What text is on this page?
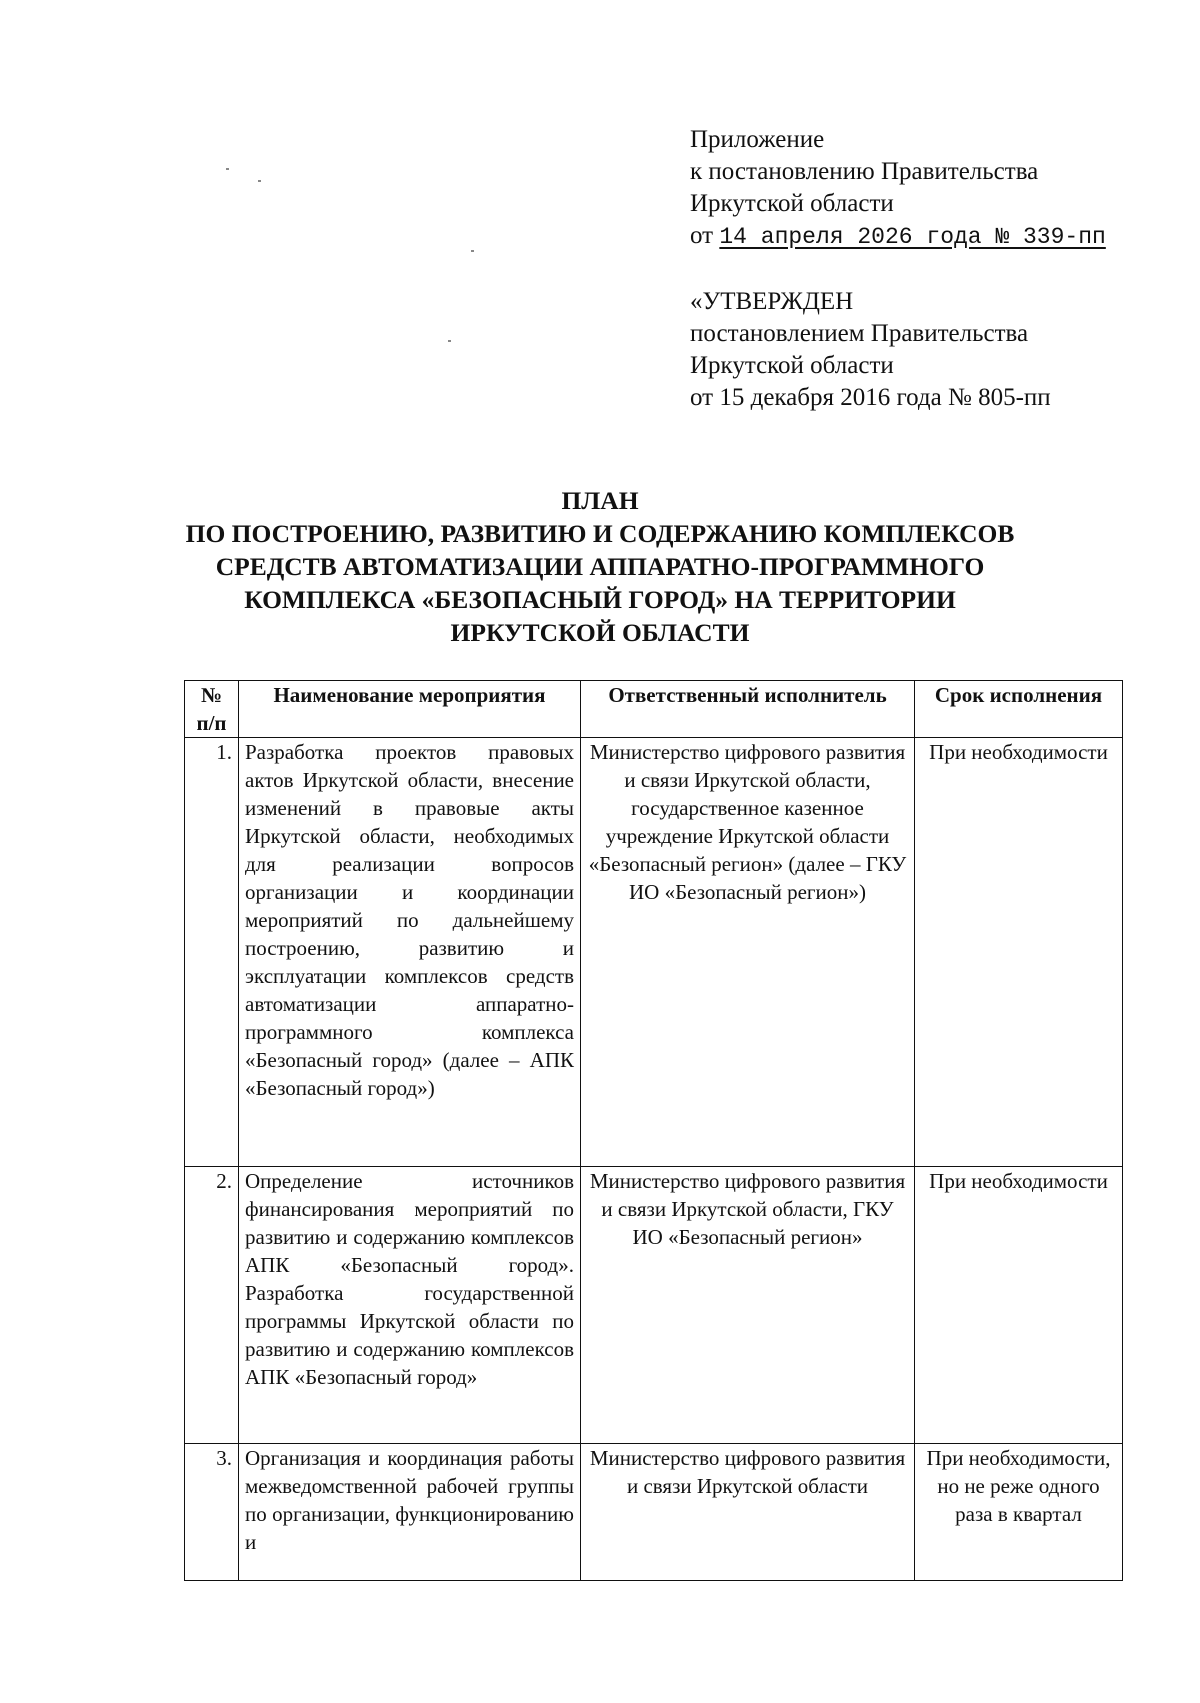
Приложение
к постановлению Правительства
Иркутской области
от 14 апреля 2026 года № 339-пп
«УТВЕРЖДЕН
постановлением Правительства
Иркутской области
от 15 декабря 2016 года № 805-пп
ПЛАН
ПО ПОСТРОЕНИЮ, РАЗВИТИЮ И СОДЕРЖАНИЮ КОМПЛЕКСОВ
СРЕДСТВ АВТОМАТИЗАЦИИ АППАРАТНО-ПРОГРАММНОГО
КОМПЛЕКСА «БЕЗОПАСНЫЙ ГОРОД» НА ТЕРРИТОРИИ
ИРКУТСКОЙ ОБЛАСТИ
№ п/п	Наименование мероприятия	Ответственный исполнитель	Срок исполнения
1.	Разработка проектов правовых актов Иркутской области, внесение изменений в правовые акты Иркутской области, необходимых для реализации вопросов организации и координации мероприятий по дальнейшему построению, развитию и эксплуатации комплексов средств автоматизации аппаратно-программного комплекса «Безопасный город» (далее – АПК «Безопасный город»)	Министерство цифрового развития и связи Иркутской области, государственное казенное учреждение Иркутской области «Безопасный регион» (далее – ГКУ ИО «Безопасный регион»)	При необходимости
2.	Определение источников финансирования мероприятий по развитию и содержанию комплексов АПК «Безопасный город». Разработка государственной программы Иркутской области по развитию и содержанию комплексов АПК «Безопасный город»	Министерство цифрового развития и связи Иркутской области, ГКУ ИО «Безопасный регион»	При необходимости
3.	Организация и координация работы межведомственной рабочей группы по организации, функционированию и	Министерство цифрового развития и связи Иркутской области	При необходимости, но не реже одного раза в квартал
